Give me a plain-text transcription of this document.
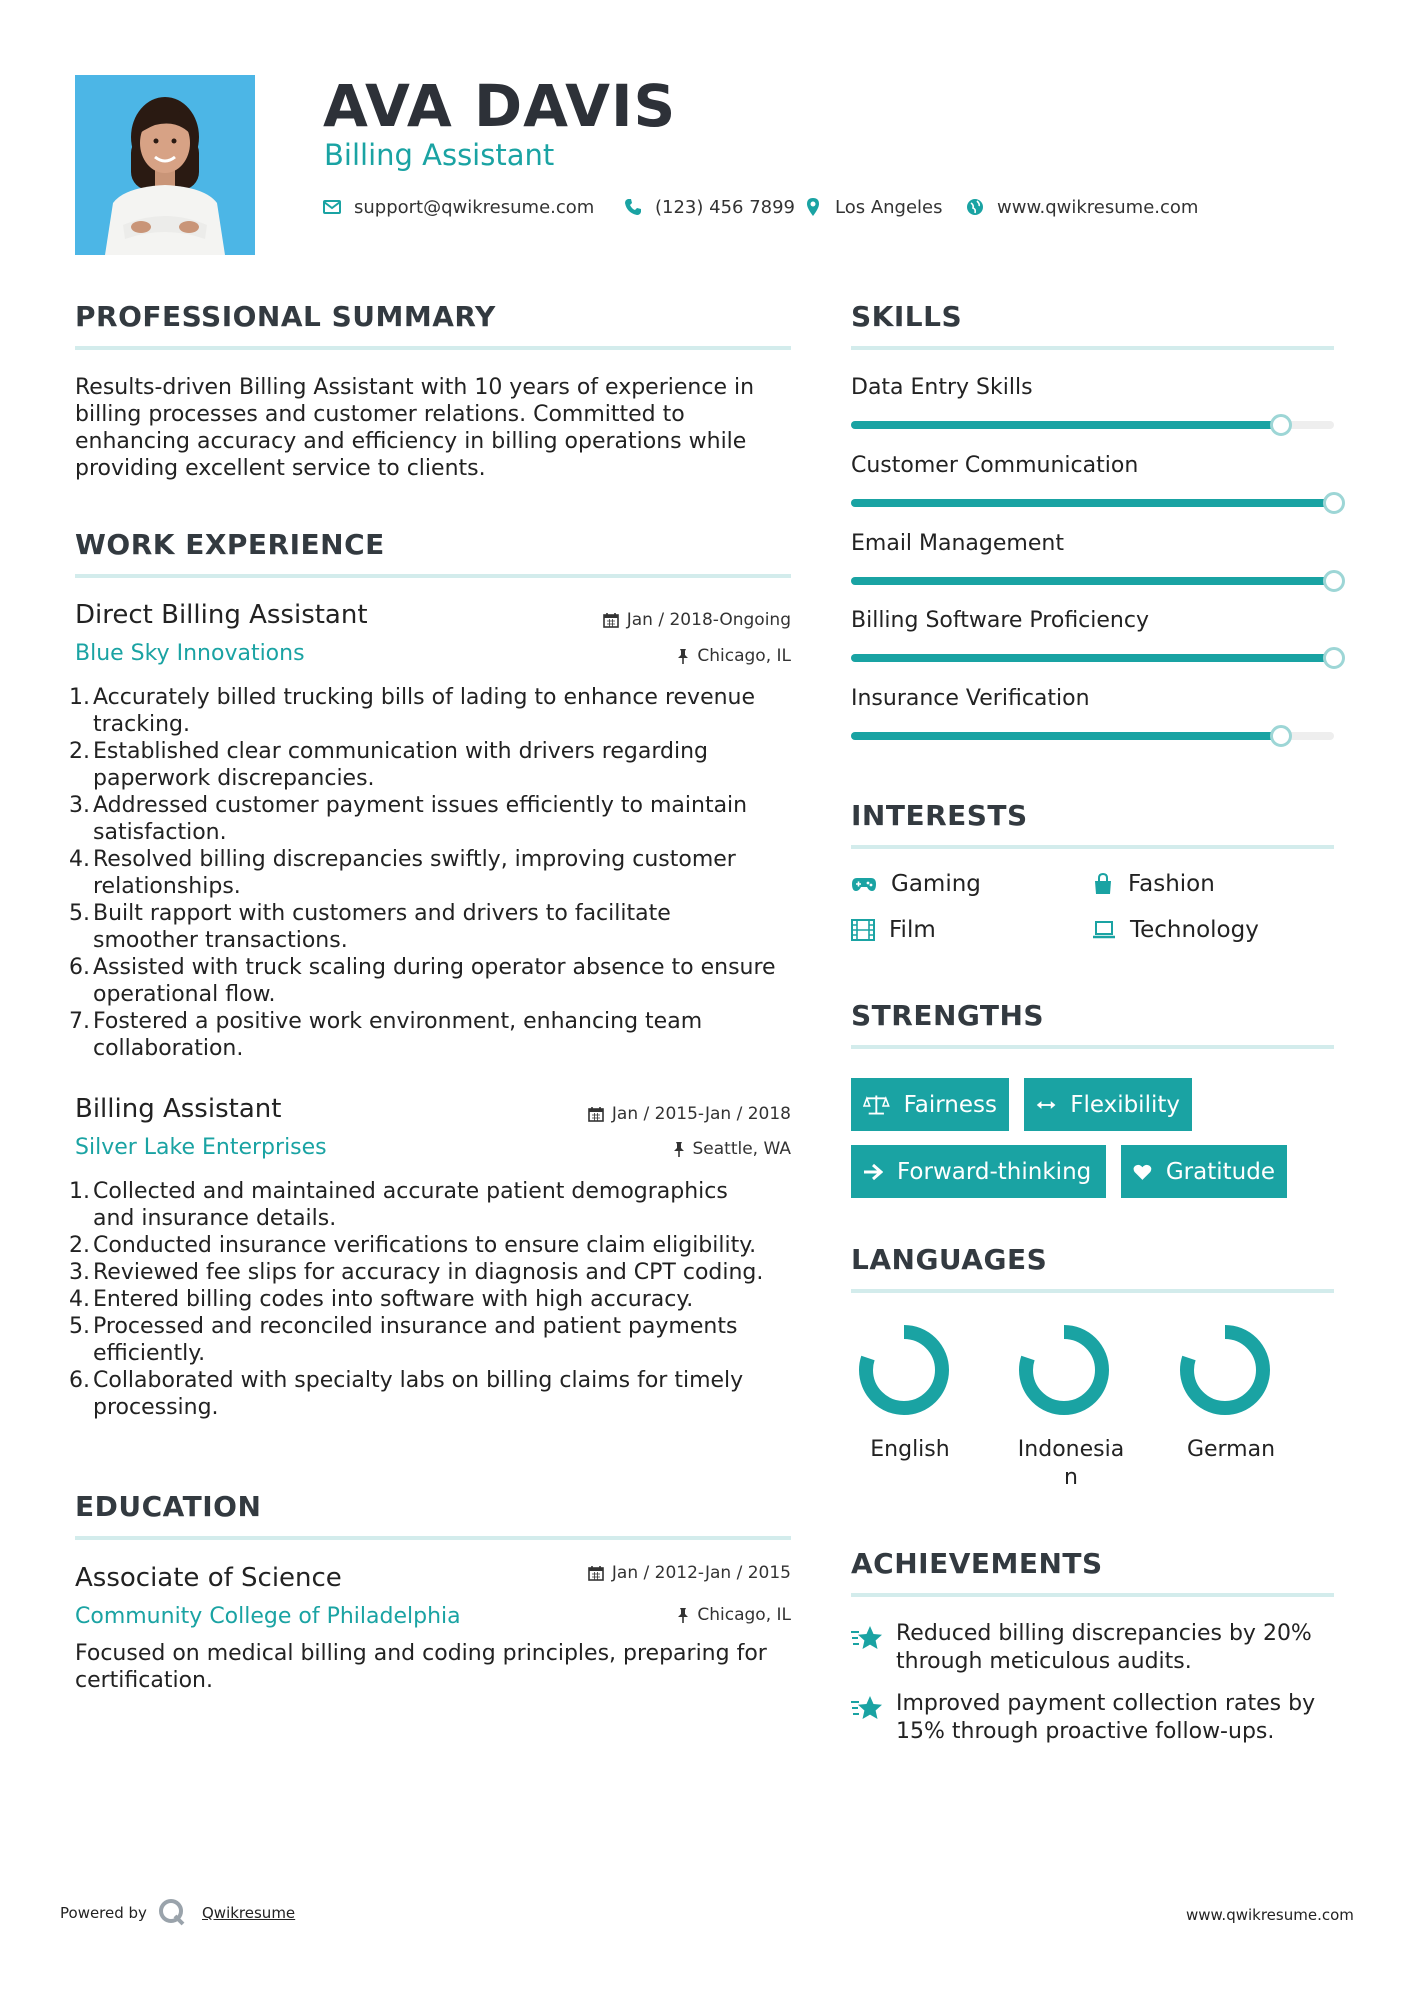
AVA DAVIS
Billing Assistant
support@qwikresume.com	(123) 456 7899 Los Angeles	www.qwikresume.com
PROFESSIONAL SUMMARY
Results-driven Billing Assistant with 10 years of experience in
billing processes and customer relations. Committed to
enhancing accuracy and efficiency in billing operations while
providing excellent service to clients.
WORK EXPERIENCE
Direct Billing Assistant	Jan / 2018-Ongoing
Blue Sky Innovations	Chicago, IL
1. Accurately billed trucking bills of lading to enhance revenue
tracking.
2. Established clear communication with drivers regarding
paperwork discrepancies.
3. Addressed customer payment issues efficiently to maintain
satisfaction.
4. Resolved billing discrepancies swiftly, improving customer
relationships.
5. Built rapport with customers and drivers to facilitate
smoother transactions.
6. Assisted with truck scaling during operator absence to ensure
operational flow.
7. Fostered a positive work environment, enhancing team
collaboration.
Billing Assistant	Jan / 2015-Jan / 2018
Silver Lake Enterprises	Seattle, WA
1. Collected and maintained accurate patient demographics
and insurance details.
2. Conducted insurance verifications to ensure claim eligibility.
3. Reviewed fee slips for accuracy in diagnosis and CPT coding.
4. Entered billing codes into software with high accuracy.
5. Processed and reconciled insurance and patient payments
efficiently.
6. Collaborated with specialty labs on billing claims for timely
processing.
EDUCATION
Associate of Science	Jan / 2012-Jan / 2015
Community College of Philadelphia	Chicago, IL
Focused on medical billing and coding principles, preparing for
certification.
SKILLS
Data Entry Skills
Customer Communication
Email Management
Billing Software Proficiency
Insurance Verification
INTERESTS
Gaming	Fashion
Film	Technology
STRENGTHS
Fairness	Flexibility
Forward-thinking	Gratitude
LANGUAGES
English	Indonesia
n
German
ACHIEVEMENTS
Reduced billing discrepancies by 20%
through meticulous audits.
Improved payment collection rates by
15% through proactive follow-ups.
Powered by	Qwikresume	www.qwikresume.com
